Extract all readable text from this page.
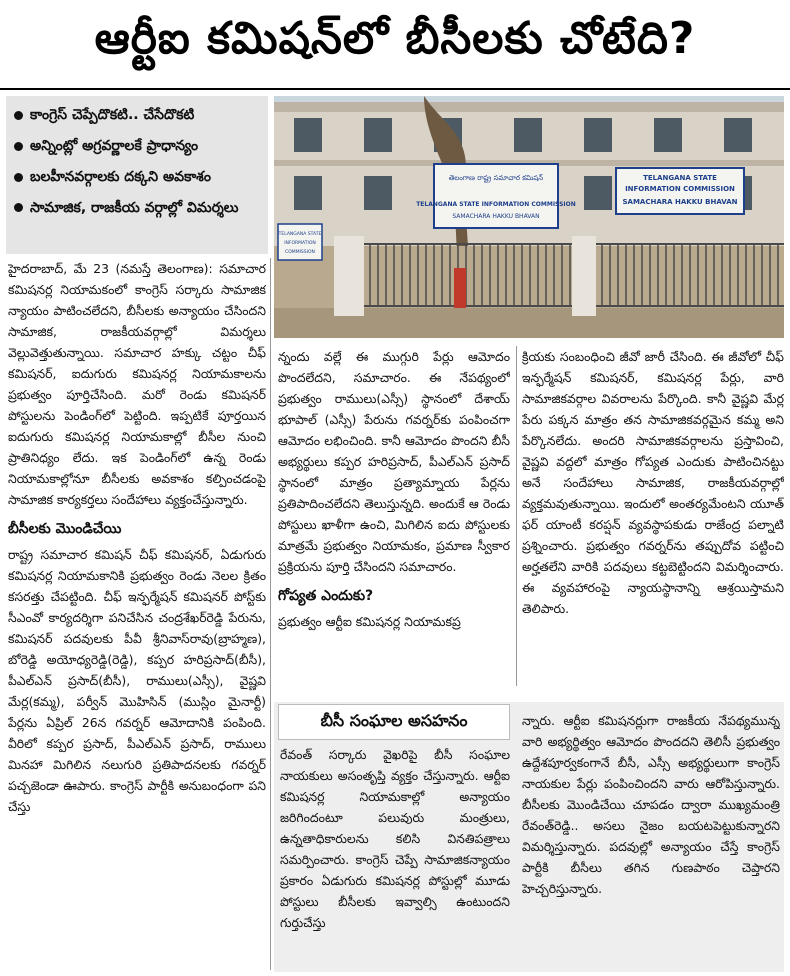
ఆర్టీఐ కమిషన్‌లో బీసీలకు చోటేది?
కాంగ్రెస్ చెప్పేదొకటి.. చేసేదొకటి
అన్నింట్లో అగ్రవర్ణాలకే ప్రాధాన్యం
బలహీనవర్గాలకు దక్కని అవకాశం
సామాజిక, రాజకీయ వర్గాల్లో విమర్శలు
తెలంగాణ రాష్ట్ర సమాచార కమిషన్
TELANGANA STATE INFORMATION COMMISSION
SAMACHARA HAKKU BHAVAN
TELANGANA STATE
INFORMATION COMMISSION
SAMACHARA HAKKU BHAVAN
TELANGANA STATE
INFORMATION
COMMISSION

హైదరాబాద్, మే 23 (నమస్తే తెలంగాణ): సమాచార కమిషనర్ల నియామకంలో కాంగ్రెస్ సర్కారు సామాజిక న్యాయం పాటించలేదని, బీసీలకు అన్యాయం చేసిందని సామాజిక, రాజకీయవర్గాల్లో విమర్శలు వెల్లువెత్తుతున్నాయి. సమాచార హక్కు చట్టం చీఫ్ కమిషనర్, ఐదుగురు కమిషనర్ల నియామకాలను ప్రభుత్వం పూర్తిచేసింది. మరో రెండు కమిషనర్ పోస్టులను పెండింగ్‌లో పెట్టింది. ఇప్పటికే పూర్తయిన ఐదుగురు కమిషనర్ల నియామకాల్లో బీసీల నుంచి ప్రాతినిధ్యం లేదు. ఇక పెండింగ్‌లో ఉన్న రెండు నియామకాల్లోనూ బీసీలకు అవకాశం కల్పించడంపై సామాజిక కార్యకర్తలు సందేహాలు వ్యక్తంచేస్తున్నారు.

బీసీలకు మొండిచేయి

రాష్ట్ర సమాచార కమిషన్ చీఫ్ కమిషనర్, ఏడుగురు కమిషనర్ల నియామకానికి ప్రభుత్వం రెండు నెలల క్రితం కసరత్తు చేపట్టింది. చీఫ్ ఇన్ఫర్మేషన్ కమిషనర్ పోస్ట్‌కు సీఎంవో కార్యదర్శిగా పనిచేసిన చంద్రశేఖర్‌రెడ్డి పేరును, కమిషనర్ పదవులకు పీవీ శ్రీనివాస్‌రావు(బ్రాహ్మణ), బోరెడ్డి అయోధ్యరెడ్డి(రెడ్డి), కప్పర హరిప్రసాద్(బీసీ), పీఎల్‌ఎన్ ప్రసాద్(బీసీ), రాములు(ఎస్సీ), వైష్ణవి మేర్ల(కమ్మ), పర్వీన్ మొహిసిన్ (ముస్లిం మైనార్టీ) పేర్లను ఏప్రిల్ 26న గవర్నర్ ఆమోదానికి పంపింది. వీరిలో కప్పర ప్రసాద్, పీఎల్‌ఎన్ ప్రసాద్, రాములు మినహా మిగిలిన నలుగురి ప్రతిపాదనలకు గవర్నర్ పచ్చజెండా ఊపారు. కాంగ్రెస్ పార్టీకి అనుబంధంగా పని చేస్తు

న్నందు వల్లే ఈ ముగ్గురి పేర్లు ఆమోదం పొందలేదని, సమాచారం. ఈ నేపథ్యంలో ప్రభుత్వం రాములు(ఎస్సీ) స్థానంలో దేశాయ్ భూపాల్ (ఎస్సీ) పేరును గవర్నర్‌కు పంపించగా ఆమోదం లభించింది. కానీ ఆమోదం పొందని బీసీ అభ్యర్థులు కప్పర హరిప్రసాద్, పీఎల్‌ఎన్ ప్రసాద్ స్థానంలో మాత్రం ప్రత్యామ్నాయ పేర్లను ప్రతిపాదించలేదని తెలుస్తున్నది. అందుకే ఆ రెండు పోస్టులు ఖాళీగా ఉంచి, మిగిలిన ఐదు పోస్టులకు మాత్రమే ప్రభుత్వం నియామకం, ప్రమాణ స్వీకార ప్రక్రియను పూర్తి చేసిందని సమాచారం.

గోప్యత ఎందుకు?

ప్రభుత్వం ఆర్టీఐ కమిషనర్ల నియామకప్ర

క్రియకు సంబంధించి జీవో జారీ చేసింది. ఈ జీవోలో చీఫ్ ఇన్ఫర్మేషన్ కమిషనర్, కమిషనర్ల పేర్లు, వారి సామాజికవర్గాల వివరాలను పేర్కొంది. కానీ వైష్ణవి మేర్ల పేరు పక్కన మాత్రం తన సామాజికవర్గమైన కమ్మ అని పేర్కొనలేదు. అందరి సామాజికవర్గాలను ప్రస్తావించి, వైష్ణవి వద్దలో మాత్రం గోప్యత ఎందుకు పాటించినట్టు అనే సందేహాలు సామాజిక, రాజకీయవర్గాల్లో వ్యక్తమవుతున్నాయి. ఇందులో అంతర్యమేంటని యూత్ ఫర్ యాంటీ కరప్షన్ వ్యవస్థాపకుడు రాజేంద్ర పల్నాటి ప్రశ్నించారు. ప్రభుత్వం గవర్నర్‌ను తప్పుదోవ పట్టించి అర్హతలేని వారికి పదవులు కట్టబెట్టిందని విమర్శించారు. ఈ వ్యవహారంపై న్యాయస్థానాన్ని ఆశ్రయిస్తామని తెలిపారు.

బీసీ సంఘాల అసహనం

రేవంత్ సర్కారు వైఖరిపై బీసీ సంఘాల నాయకులు అసంతృప్తి వ్యక్తం చేస్తున్నారు. ఆర్టీఐ కమిషనర్ల నియామకాల్లో అన్యాయం జరిగిందంటూ పలువురు మంత్రులు, ఉన్నతాధికారులను కలిసి వినతిపత్రాలు సమర్పించారు. కాంగ్రెస్ చెప్పే సామాజికన్యాయం ప్రకారం ఏడుగురు కమిషనర్ల పోస్టుల్లో మూడు పోస్టులు బీసీలకు ఇవ్వాల్సి ఉంటుందని గుర్తుచేస్తు

న్నారు. ఆర్టీఐ కమిషనర్లుగా రాజకీయ నేపథ్యమున్న వారి అభ్యర్థిత్వం ఆమోదం పొందదని తెలిసీ ప్రభుత్వం ఉద్దేశపూర్వకంగానే బీసీ, ఎస్సీ అభ్యర్థులుగా కాంగ్రెస్ నాయకుల పేర్లు పంపించిందని వారు ఆరోపిస్తున్నారు. బీసీలకు మొండిచేయి చూపడం ద్వారా ముఖ్యమంత్రి రేవంత్‌రెడ్డి.. అసలు నైజం బయటపెట్టుకున్నారని విమర్శిస్తున్నారు. పదవుల్లో అన్యాయం చేస్తే కాంగ్రెస్ పార్టీకి బీసీలు తగిన గుణపాఠం చెప్తారని హెచ్చరిస్తున్నారు.
